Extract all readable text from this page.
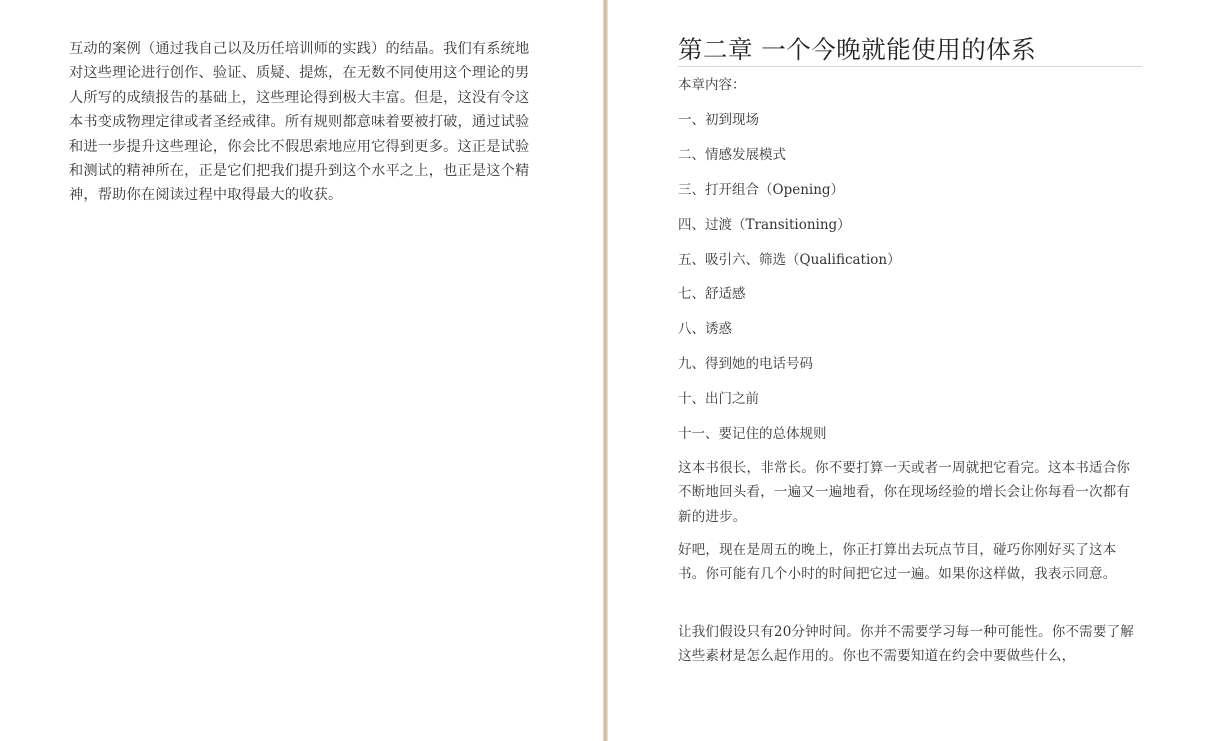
互动的案例（通过我自己以及历任培训师的实践）的结晶。我们有系统地对这些理论进行创作、验证、质疑、提炼，在无数不同使用这个理论的男人所写的成绩报告的基础上，这些理论得到极大丰富。但是，这没有令这本书变成物理定律或者圣经戒律。所有规则都意味着要被打破，通过试验和进一步提升这些理论，你会比不假思索地应用它得到更多。这正是试验和测试的精神所在，正是它们把我们提升到这个水平之上，也正是这个精神，帮助你在阅读过程中取得最大的收获。

第二章 一个今晚就能使用的体系

本章内容：

一、初到现场
二、情感发展模式
三、打开组合（Opening）
四、过渡（Transitioning）
五、吸引六、筛选（Qualification）
七、舒适感
八、诱惑
九、得到她的电话号码
十、出门之前
十一、要记住的总体规则

这本书很长，非常长。你不要打算一天或者一周就把它看完。这本书适合你不断地回头看，一遍又一遍地看，你在现场经验的增长会让你每看一次都有新的进步。

好吧，现在是周五的晚上，你正打算出去玩点节目，碰巧你刚好买了这本书。你可能有几个小时的时间把它过一遍。如果你这样做，我表示同意。

让我们假设只有20分钟时间。你并不需要学习每一种可能性。你不需要了解这些素材是怎么起作用的。你也不需要知道在约会中要做些什么，
